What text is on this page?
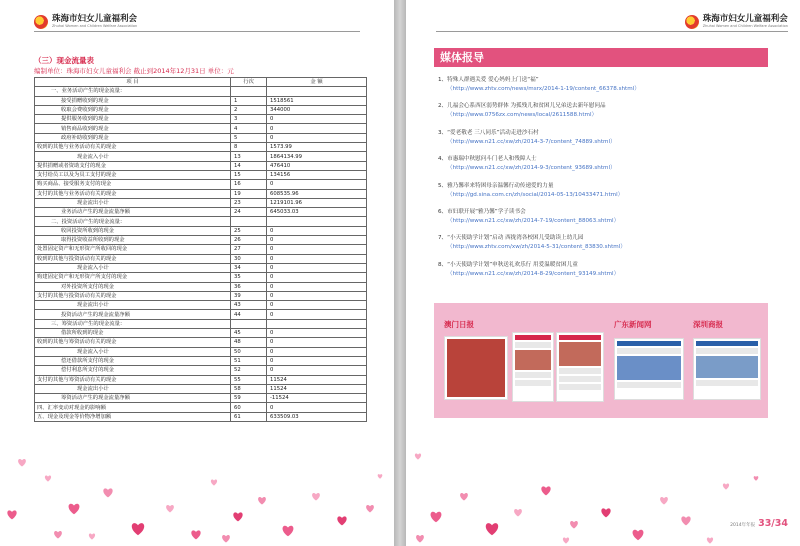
珠海市妇女儿童福利会
Zhuhai Women and Children Welfare Association
（三）现金流量表
编制单位：珠海市妇女儿童福利会 截止到2014年12月31日 单位：元
项 目	行次	金 额
一、业务活动产生的现金流量：		
接受捐赠收到的现金	1	1518561
收取会费收到的现金	2	344000
提供服务收到的现金	3	0
销售商品收到的现金	4	0
政府补助收到的现金	5	0
收到的其他与业务活动有关的现金	8	1573.99
现金流入小计	13	1864134.99
提供捐赠或者资助支付的现金	14	476410
支付给员工以及为员工支付的现金	15	134156
购买商品、接受服务支付的现金	16	0
支付的其他与业务活动有关的现金	19	608535.96
现金流出小计	23	1219101.96
业务活动产生的现金流量净额	24	645033.03
二、投资活动产生的现金流量：		
收回投资所收到的现金	25	0
取得投资收益所收到的现金	26	0
处置固定资产和无形资产所收回的现金	27	0
收到的其他与投资活动有关的现金	30	0
现金流入小计	34	0
购建固定资产和无形资产所支付的现金	35	0
对外投资所支付的现金	36	0
支付的其他与投资活动有关的现金	39	0
现金流出小计	43	0
投资活动产生的现金流量净额	44	0
三、筹资活动产生的现金流量：		
借款所收到的现金	45	0
收到的其他与筹资活动有关的现金	48	0
现金流入小计	50	0
偿还借款所支付的现金	51	0
偿付利息所支付的现金	52	0
支付的其他与筹资活动有关的现金	55	11524
现金流出小计	58	11524
筹资活动产生的现金流量净额	59	-11524
四、汇率变动对现金的影响额	60	0
五、现金及现金等价物净增加额	61	633509.03
珠海市妇女儿童福利会
Zhuhai Women and Children Welfare Association
媒体报导
1、特殊人群遇关爱 爱心妈妈上门送“福”
（http://www.zhtv.com/news/msrx/2014-1-19/content_66378.shtml）
2、儿福会心系西区弱势群体 为孤残儿和贫困儿兄弟送去新年慰问品
（http://www.0756zx.com/news/local/2611588.html）
3、“爱老敬老 三八同乐”活动走进沙石村
（http://www.n21.cc/xw/zh/2014-3-7/content_74889.shtml）
4、市惠瑞中秋慰问斗门老人和残障人士
（http://www.n21.cc/xw/zh/2014-9-3/content_93689.shtml）
5、雅乃馨率来特困母亲温馨行动传递爱的力量
（http://gd.sina.com.cn/zh/social/2014-05-13/10433471.html）
6、市妇联开展“雅乃馨”学子读书会
（http://www.n21.cc/xw/zh/2014-7-19/content_88063.shtml）
7、“小天使助学计划”启动 西拢湾各校困儿受助读上幼儿园
（http://www.zhtv.com/xw/zh/2014-5-31/content_83830.shtml）
8、“小天使助学计划”申秋送礼欢乐行 用爱温暖贫困儿童
（http://www.n21.cc/xw/zh/2014-8-29/content_93149.shtml）
澳门日报	广东新闻网	深圳商报
2014年年报 33/34
